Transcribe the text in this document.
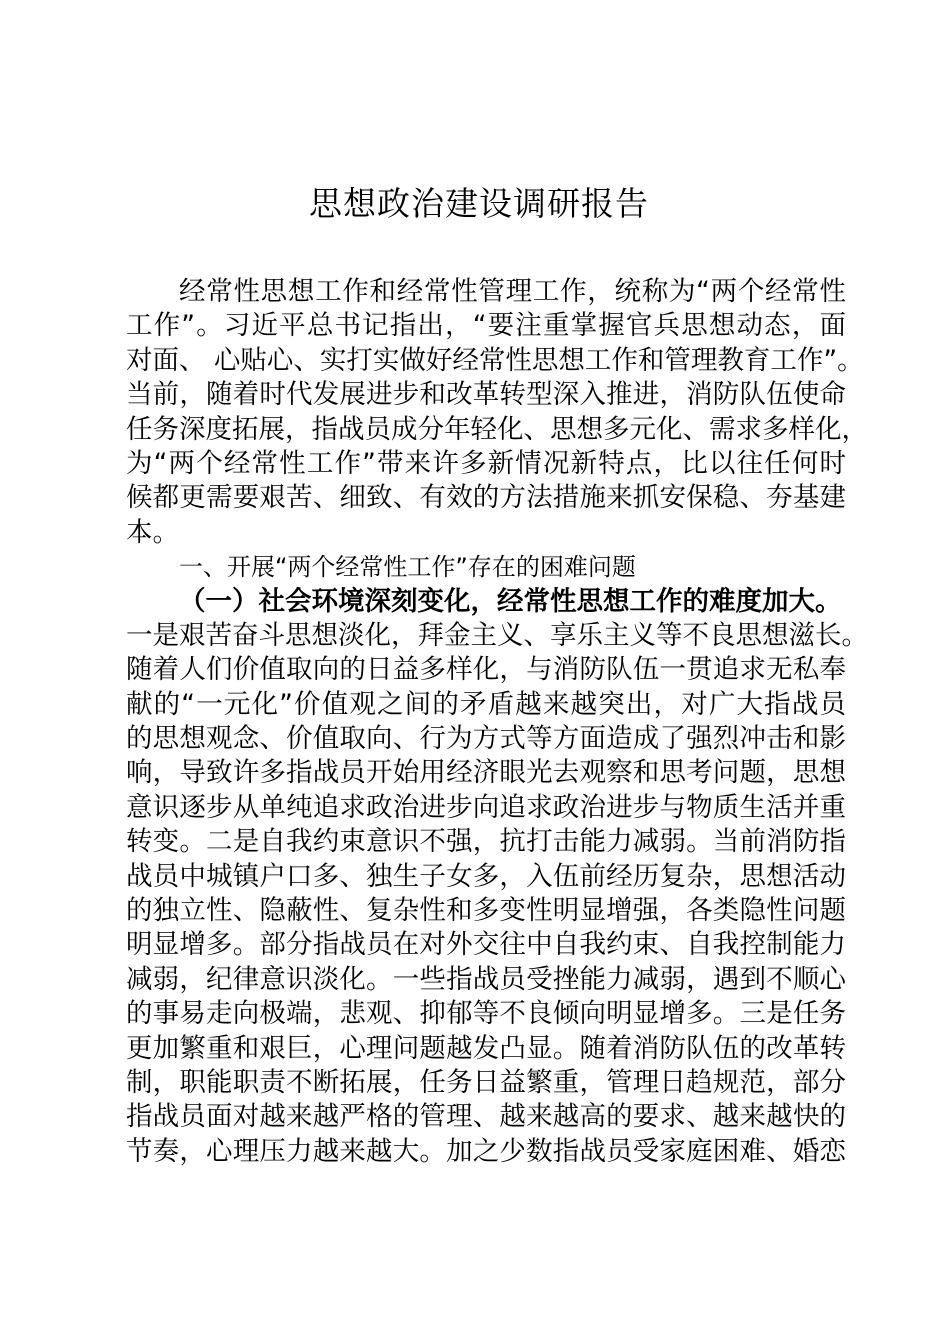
思想政治建设调研报告
经常性思想工作和经常性管理工作，统称为“两个经常性
工作”。习近平总书记指出，“要注重掌握官兵思想动态，面
对面、 心贴心、实打实做好经常性思想工作和管理教育工作”。
当前，随着时代发展进步和改革转型深入推进，消防队伍使命
任务深度拓展，指战员成分年轻化、思想多元化、需求多样化，
为“两个经常性工作”带来许多新情况新特点，比以往任何时
候都更需要艰苦、细致、有效的方法措施来抓安保稳、夯基建
本。
一、开展“两个经常性工作”存在的困难问题
（一）社会环境深刻变化，经常性思想工作的难度加大。
一是艰苦奋斗思想淡化，拜金主义、享乐主义等不良思想滋长。
随着人们价值取向的日益多样化，与消防队伍一贯追求无私奉
献的“一元化”价值观之间的矛盾越来越突出，对广大指战员
的思想观念、价值取向、行为方式等方面造成了强烈冲击和影
响，导致许多指战员开始用经济眼光去观察和思考问题，思想
意识逐步从单纯追求政治进步向追求政治进步与物质生活并重
转变。二是自我约束意识不强，抗打击能力减弱。当前消防指
战员中城镇户口多、独生子女多，入伍前经历复杂，思想活动
的独立性、隐蔽性、复杂性和多变性明显增强，各类隐性问题
明显增多。部分指战员在对外交往中自我约束、自我控制能力
减弱，纪律意识淡化。一些指战员受挫能力减弱，遇到不顺心
的事易走向极端，悲观、抑郁等不良倾向明显增多。三是任务
更加繁重和艰巨，心理问题越发凸显。随着消防队伍的改革转
制，职能职责不断拓展，任务日益繁重，管理日趋规范，部分
指战员面对越来越严格的管理、越来越高的要求、越来越快的
节奏，心理压力越来越大。加之少数指战员受家庭困难、婚恋
